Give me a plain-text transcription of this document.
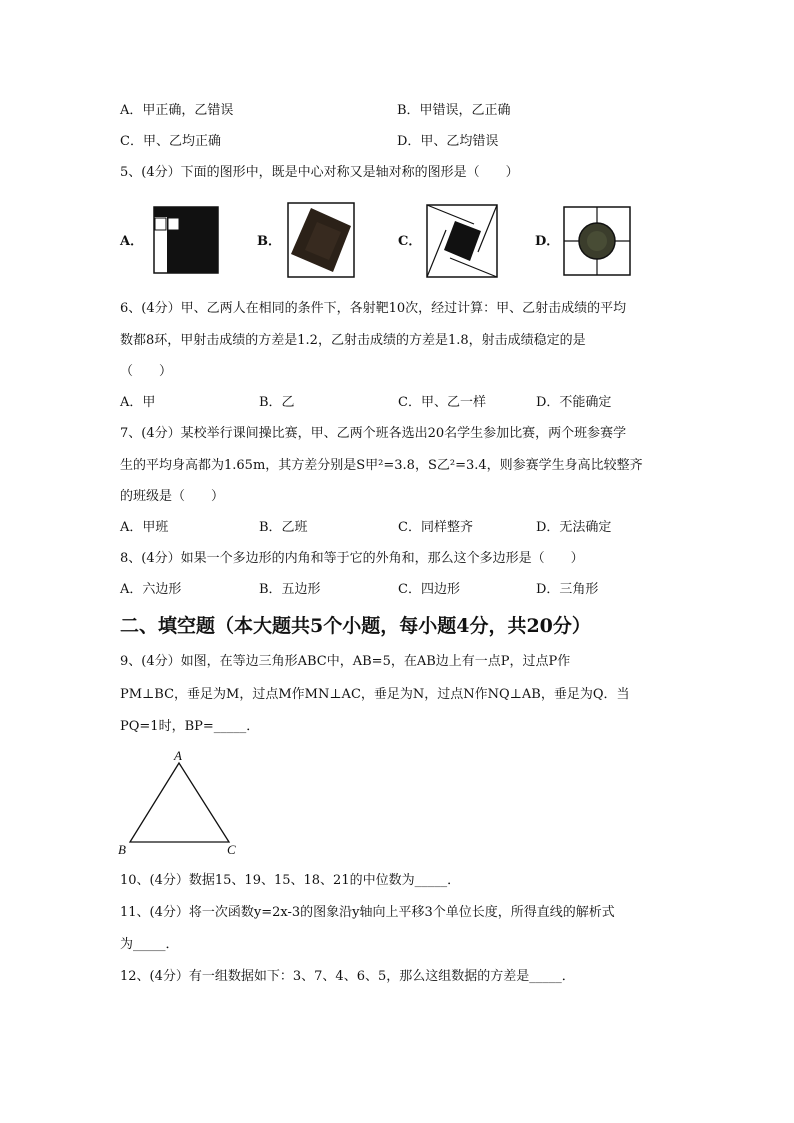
A．甲正确，乙错误	B．甲错误，乙正确
C．甲、乙均正确	D．甲、乙均错误
5、(4分）下面的图形中，既是中心对称又是轴对称的图形是（　　）
A．	B．	C．	D．
6、(4分）甲、乙两人在相同的条件下，各射靶10次，经过计算：甲、乙射击成绩的平均
数都8环，甲射击成绩的方差是1.2，乙射击成绩的方差是1.8，射击成绩稳定的是
（　　）
A．甲	B．乙	C．甲、乙一样	D．不能确定
7、(4分）某校举行课间操比赛，甲、乙两个班各选出20名学生参加比赛，两个班参赛学
生的平均身高都为1.65m，其方差分别是S甲²=3.8，S乙²=3.4，则参赛学生身高比较整齐
的班级是（　　）
A．甲班	B．乙班	C．同样整齐	D．无法确定
8、(4分）如果一个多边形的内角和等于它的外角和，那么这个多边形是（　　）
A．六边形	B．五边形	C．四边形	D．三角形
二、填空题（本大题共5个小题，每小题4分，共20分）
9、(4分）如图，在等边三角形ABC中，AB=5，在AB边上有一点P，过点P作
PM⊥BC，垂足为M，过点M作MN⊥AC，垂足为N，过点N作NQ⊥AB，垂足为Q．当
PQ=1时，BP=_____．
A
B	C
10、(4分）数据15、19、15、18、21的中位数为_____．
11、(4分）将一次函数y=2x-3的图象沿y轴向上平移3个单位长度，所得直线的解析式
为_____．
12、(4分）有一组数据如下：3、7、4、6、5，那么这组数据的方差是_____．
